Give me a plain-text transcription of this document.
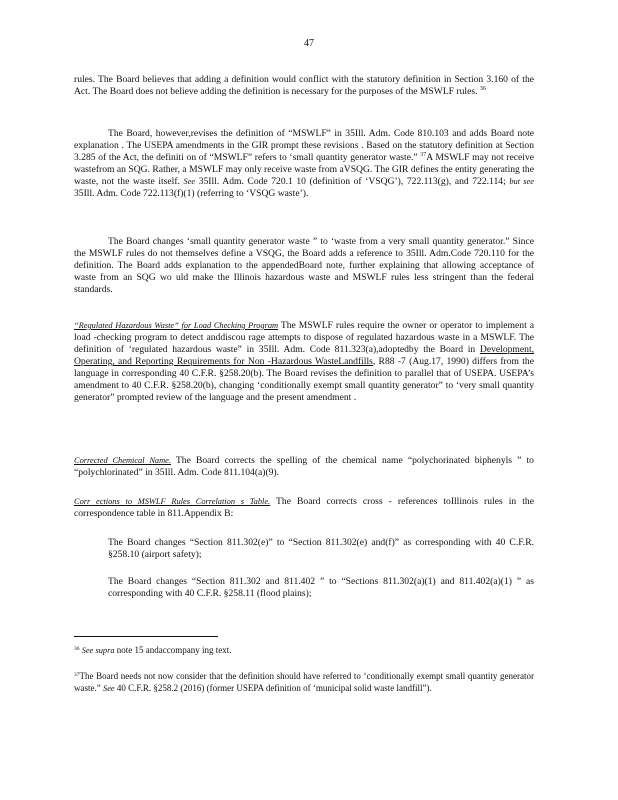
47

rules. The Board believes that adding a definition would conflict with the statutory definition in Section 3.160 of the Act. The Board does not believe adding the definition is necessary for the purposes of the MSWLF rules. $^{36}$

The Board, however,revises the definition of “MSWLF” in 35Ill. Adm. Code 810.103 and adds Board note explanation . The USEPA amendments in the GIR prompt these revisions . Based on the statutory definition at Section 3.285 of the Act, the definiti on of “MSWLF” refers to ‘small quantity generator waste.” $^{37}$A MSWLF may not receive wastefrom an SQG. Rather, a MSWLF may only receive waste from aVSQG. The GIR defines the entity generating the waste, not the waste itself. See 35Ill. Adm. Code 720.1 10 (definition of ‘VSQG’), 722.113(g), and 722.114; but see 35Ill. Adm. Code 722.113(f)(1) (referring to ‘VSQG waste’).

The Board changes ‘small quantity generator waste ” to ‘waste from a very small quantity generator.” Since the MSWLF rules do not themselves define a VSQG, the Board adds a reference to 35Ill. Adm.Code 720.110 for the definition. The Board adds explanation to the appendedBoard note, further explaining that allowing acceptance of waste from an SQG wo uld make the Illinois hazardous waste and MSWLF rules less stringent than the federal standards.

“Regulated Hazardous Waste” for Load Checking Program The MSWLF rules require the owner or operator to implement a load -checking program to detect anddiscou rage attempts to dispose of regulated hazardous waste in a MSWLF. The definition of ‘regulated hazardous waste” in 35Ill. Adm. Code 811.323(a),adoptedby the Board in Development, Operating, and Reporting Requirements for Non -Hazardous WasteLandfills, R88 -7 (Aug.17, 1990) differs from the language in corresponding 40 C.F.R. §258.20(b). The Board revises the definition to parallel that of USEPA. USEPA’s amendment to 40 C.F.R. §258.20(b), changing ‘conditionally exempt small quantity generator” to ‘very small quantity generator” prompted review of the language and the present amendment .

Corrected Chemical Name. The Board corrects the spelling of the chemical name “polychorinated biphenyls ” to “polychlorinated” in 35Ill. Adm. Code 811.104(a)(9).

Corr ections to MSWLF Rules Correlation s Table. The Board corrects cross - references toIllinois rules in the correspondence table in 811.Appendix B:

The Board changes “Section 811.302(e)” to “Section 811.302(e) and(f)” as corresponding with 40 C.F.R. §258.10 (airport safety);

The Board changes “Section 811.302 and 811.402 ” to “Sections 811.302(a)(1) and 811.402(a)(1) ” as corresponding with 40 C.F.R. §258.11 (flood plains);

$^{36}$ See supra note 15 andaccompany ing text.

$^{37}$The Board needs not now consider that the definition should have referred to ‘conditionally exempt small quantity generator waste.” See 40 C.F.R. §258.2 (2016) (former USEPA definition of ‘municipal solid waste landfill”).
